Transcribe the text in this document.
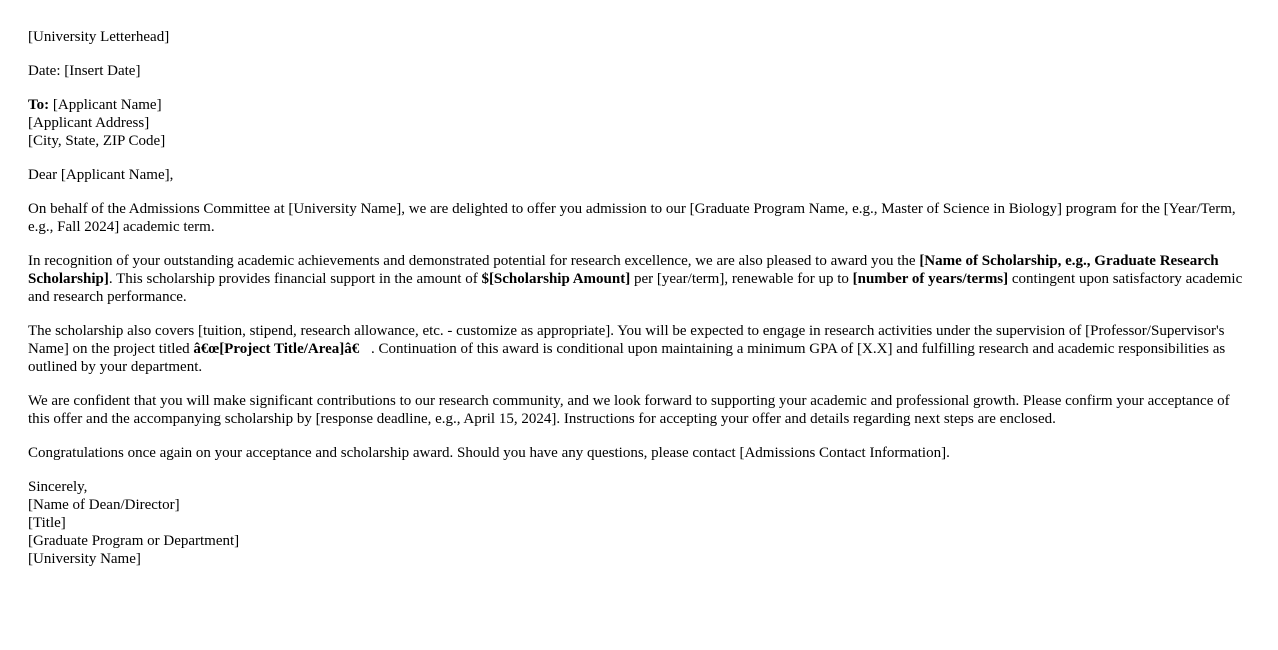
[University Letterhead]

Date: [Insert Date]

To: [Applicant Name]
[Applicant Address]
[City, State, ZIP Code]

Dear [Applicant Name],

On behalf of the Admissions Committee at [University Name], we are delighted to offer you admission to our [Graduate Program Name, e.g., Master of Science in Biology] program for the [Year/Term, e.g., Fall 2024] academic term.

In recognition of your outstanding academic achievements and demonstrated potential for research excellence, we are also pleased to award you the [Name of Scholarship, e.g., Graduate Research Scholarship]. This scholarship provides financial support in the amount of $[Scholarship Amount] per [year/term], renewable for up to [number of years/terms] contingent upon satisfactory academic and research performance.

The scholarship also covers [tuition, stipend, research allowance, etc. - customize as appropriate]. You will be expected to engage in research activities under the supervision of [Professor/Supervisor's Name] on the project titled â€œ[Project Title/Area]â€ . Continuation of this award is conditional upon maintaining a minimum GPA of [X.X] and fulfilling research and academic responsibilities as outlined by your department.

We are confident that you will make significant contributions to our research community, and we look forward to supporting your academic and professional growth. Please confirm your acceptance of this offer and the accompanying scholarship by [response deadline, e.g., April 15, 2024]. Instructions for accepting your offer and details regarding next steps are enclosed.

Congratulations once again on your acceptance and scholarship award. Should you have any questions, please contact [Admissions Contact Information].

Sincerely,
[Name of Dean/Director]
[Title]
[Graduate Program or Department]
[University Name]
